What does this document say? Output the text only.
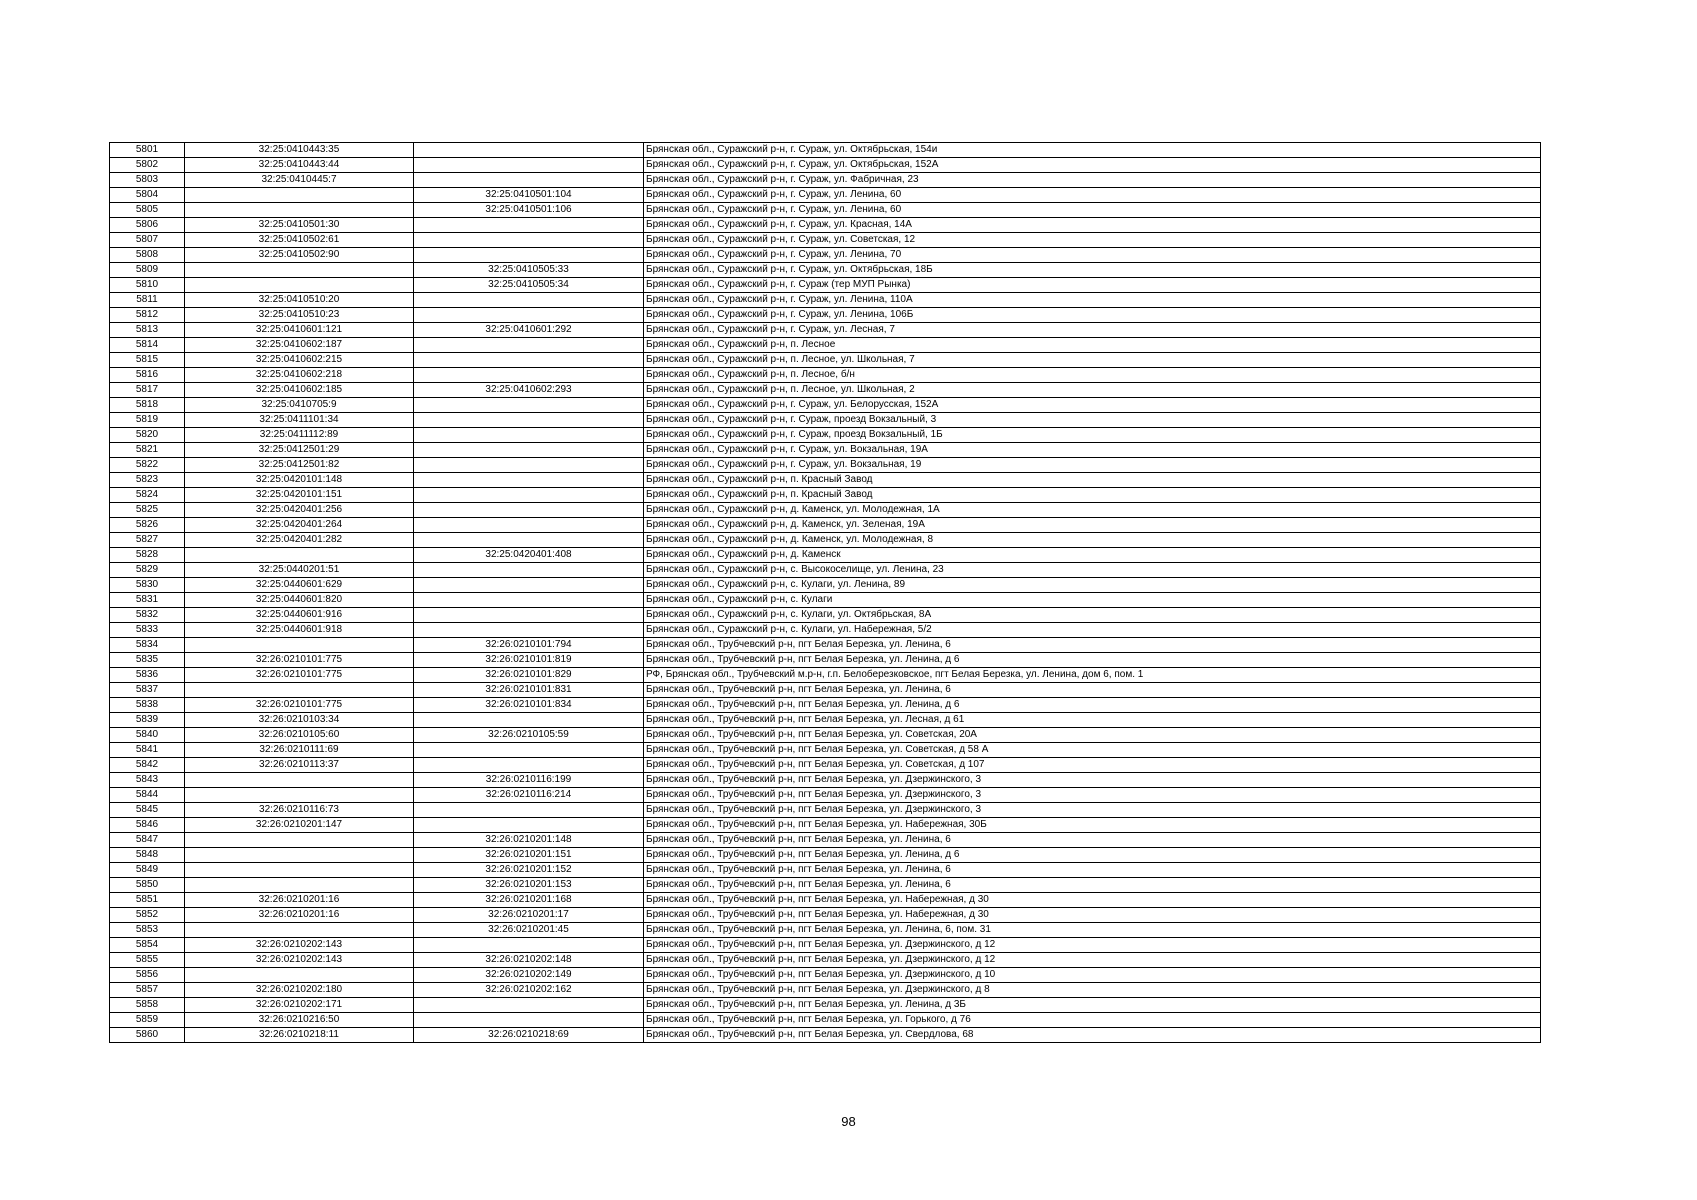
5801	32:25:0410443:35		Брянская обл., Суражский р-н, г. Сураж, ул. Октябрьская, 154и
5802	32:25:0410443:44		Брянская обл., Суражский р-н, г. Сураж, ул. Октябрьская, 152А
5803	32:25:0410445:7		Брянская обл., Суражский р-н, г. Сураж, ул. Фабричная, 23
5804		32:25:0410501:104	Брянская обл., Суражский р-н, г. Сураж, ул. Ленина, 60
5805		32:25:0410501:106	Брянская обл., Суражский р-н, г. Сураж, ул. Ленина, 60
5806	32:25:0410501:30		Брянская обл., Суражский р-н, г. Сураж, ул. Красная, 14А
5807	32:25:0410502:61		Брянская обл., Суражский р-н, г. Сураж, ул. Советская, 12
5808	32:25:0410502:90		Брянская обл., Суражский р-н, г. Сураж, ул. Ленина, 70
5809		32:25:0410505:33	Брянская обл., Суражский р-н, г. Сураж, ул. Октябрьская, 18Б
5810		32:25:0410505:34	Брянская обл., Суражский р-н, г. Сураж (тер МУП Рынка)
5811	32:25:0410510:20		Брянская обл., Суражский р-н, г. Сураж, ул. Ленина, 110А
5812	32:25:0410510:23		Брянская обл., Суражский р-н, г. Сураж, ул. Ленина, 106Б
5813	32:25:0410601:121	32:25:0410601:292	Брянская обл., Суражский р-н, г. Сураж, ул. Лесная, 7
5814	32:25:0410602:187		Брянская обл., Суражский р-н, п. Лесное
5815	32:25:0410602:215		Брянская обл., Суражский р-н, п. Лесное, ул. Школьная, 7
5816	32:25:0410602:218		Брянская обл., Суражский р-н, п. Лесное, б/н
5817	32:25:0410602:185	32:25:0410602:293	Брянская обл., Суражский р-н, п. Лесное, ул. Школьная, 2
5818	32:25:0410705:9		Брянская обл., Суражский р-н, г. Сураж, ул. Белорусская, 152А
5819	32:25:0411101:34		Брянская обл., Суражский р-н, г. Сураж, проезд Вокзальный, 3
5820	32:25:0411112:89		Брянская обл., Суражский р-н, г. Сураж, проезд Вокзальный, 1Б
5821	32:25:0412501:29		Брянская обл., Суражский р-н, г. Сураж, ул. Вокзальная, 19А
5822	32:25:0412501:82		Брянская обл., Суражский р-н, г. Сураж, ул. Вокзальная, 19
5823	32:25:0420101:148		Брянская обл., Суражский р-н, п. Красный Завод
5824	32:25:0420101:151		Брянская обл., Суражский р-н, п. Красный Завод
5825	32:25:0420401:256		Брянская обл., Суражский р-н, д. Каменск, ул. Молодежная, 1А
5826	32:25:0420401:264		Брянская обл., Суражский р-н, д. Каменск, ул. Зеленая, 19А
5827	32:25:0420401:282		Брянская обл., Суражский р-н, д. Каменск, ул. Молодежная, 8
5828		32:25:0420401:408	Брянская обл., Суражский р-н, д. Каменск
5829	32:25:0440201:51		Брянская обл., Суражский р-н, с. Высокоселище, ул. Ленина, 23
5830	32:25:0440601:629		Брянская обл., Суражский р-н, с. Кулаги, ул. Ленина, 89
5831	32:25:0440601:820		Брянская обл., Суражский р-н, с. Кулаги
5832	32:25:0440601:916		Брянская обл., Суражский р-н, с. Кулаги, ул. Октябрьская, 8А
5833	32:25:0440601:918		Брянская обл., Суражский р-н, с. Кулаги, ул. Набережная, 5/2
5834		32:26:0210101:794	Брянская обл., Трубчевский р-н, пгт Белая Березка, ул. Ленина, 6
5835	32:26:0210101:775	32:26:0210101:819	Брянская обл., Трубчевский р-н, пгт Белая Березка, ул. Ленина, д 6
5836	32:26:0210101:775	32:26:0210101:829	РФ, Брянская обл., Трубчевский м.р-н, г.п. Белоберезковское, пгт Белая Березка, ул. Ленина, дом 6, пом. 1
5837		32:26:0210101:831	Брянская обл., Трубчевский р-н, пгт Белая Березка, ул. Ленина, 6
5838	32:26:0210101:775	32:26:0210101:834	Брянская обл., Трубчевский р-н, пгт Белая Березка, ул. Ленина, д 6
5839	32:26:0210103:34		Брянская обл., Трубчевский р-н, пгт Белая Березка, ул. Лесная, д 61
5840	32:26:0210105:60	32:26:0210105:59	Брянская обл., Трубчевский р-н, пгт Белая Березка, ул. Советская, 20А
5841	32:26:0210111:69		Брянская обл., Трубчевский р-н, пгт Белая Березка, ул. Советская, д 58 А
5842	32:26:0210113:37		Брянская обл., Трубчевский р-н, пгт Белая Березка, ул. Советская, д 107
5843		32:26:0210116:199	Брянская обл., Трубчевский р-н, пгт Белая Березка, ул. Дзержинского, 3
5844		32:26:0210116:214	Брянская обл., Трубчевский р-н, пгт Белая Березка, ул. Дзержинского, 3
5845	32:26:0210116:73		Брянская обл., Трубчевский р-н, пгт Белая Березка, ул. Дзержинского, 3
5846	32:26:0210201:147		Брянская обл., Трубчевский р-н, пгт Белая Березка, ул. Набережная, 30Б
5847		32:26:0210201:148	Брянская обл., Трубчевский р-н, пгт Белая Березка, ул. Ленина, 6
5848		32:26:0210201:151	Брянская обл., Трубчевский р-н, пгт Белая Березка, ул. Ленина, д 6
5849		32:26:0210201:152	Брянская обл., Трубчевский р-н, пгт Белая Березка, ул. Ленина, 6
5850		32:26:0210201:153	Брянская обл., Трубчевский р-н, пгт Белая Березка, ул. Ленина, 6
5851	32:26:0210201:16	32:26:0210201:168	Брянская обл., Трубчевский р-н, пгт Белая Березка, ул. Набережная, д 30
5852	32:26:0210201:16	32:26:0210201:17	Брянская обл., Трубчевский р-н, пгт Белая Березка, ул. Набережная, д 30
5853		32:26:0210201:45	Брянская обл., Трубчевский р-н, пгт Белая Березка, ул. Ленина, 6, пом. 31
5854	32:26:0210202:143		Брянская обл., Трубчевский р-н, пгт Белая Березка, ул. Дзержинского, д 12
5855	32:26:0210202:143	32:26:0210202:148	Брянская обл., Трубчевский р-н, пгт Белая Березка, ул. Дзержинского, д 12
5856		32:26:0210202:149	Брянская обл., Трубчевский р-н, пгт Белая Березка, ул. Дзержинского, д 10
5857	32:26:0210202:180	32:26:0210202:162	Брянская обл., Трубчевский р-н, пгт Белая Березка, ул. Дзержинского, д 8
5858	32:26:0210202:171		Брянская обл., Трубчевский р-н, пгт Белая Березка, ул. Ленина, д 3Б
5859	32:26:0210216:50		Брянская обл., Трубчевский р-н, пгт Белая Березка, ул. Горького, д 76
5860	32:26:0210218:11	32:26:0210218:69	Брянская обл., Трубчевский р-н, пгт Белая Березка, ул. Свердлова, 68
98
